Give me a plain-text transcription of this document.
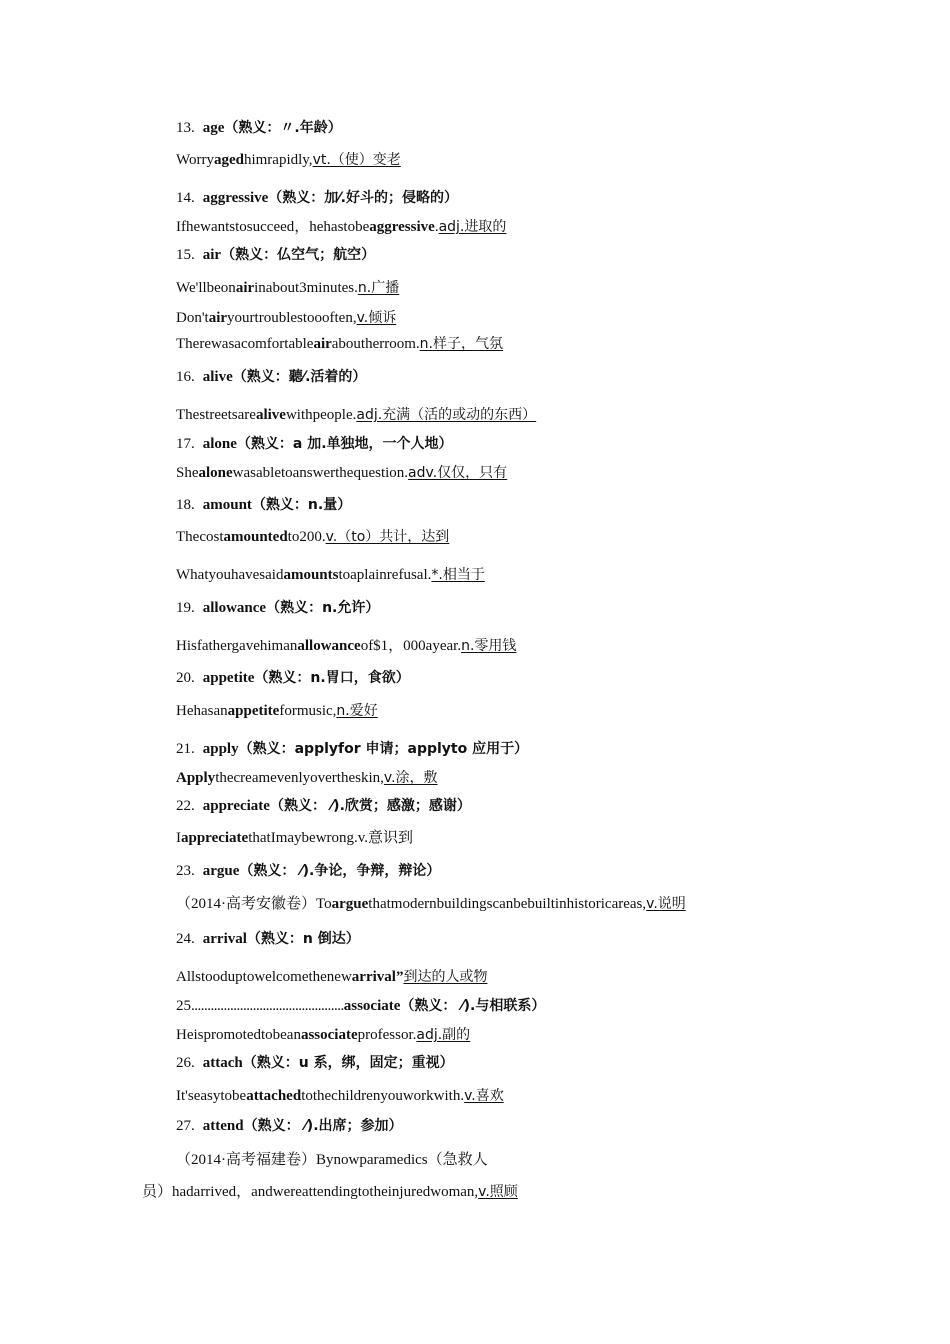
13. age（熟义：〃.年龄）
Worryagedhimrapidly,vt.（使）变老
14. aggressive（熟义：加⁄.好斗的；侵略的）
Ifhewantstosucceed，hehastobeaggressive.adj.进取的
15. air（熟义：仏空气；航空）
We'llbeonairinabout3minutes.n.广播
Don'tairyourtroublestoooften,v.倾诉
Therewasacomfortableairaboutherroom.n.样子，气氛
16. alive（熟义：聽⁄.活着的）
Thestreetsarealivewithpeople.adj.充满（活的或动的东西）
17. alone（熟义：a 加.单独地，一个人地）
Shealonewasabletoanswerthequestion.adv.仅仅，只有
18. amount（熟义：n.量）
Thecostamountedto200.v.（to）共计，达到
Whatyouhavesaidamountstoaplainrefusal.*.相当于
19. allowance（熟义：n.允许）
Hisfathergavehimanallowanceof$1，000ayear.n.零用钱
20. appetite（熟义：n.胃口，食欲）
Hehasanappetiteformusic,n.爱好
21. apply（熟义：applyfor 申请；applyto 应用于）
Applythecreamevenlyovertheskin,v.涂，敷
22. appreciate（熟义： ⁄).欣赏；感激；感谢）
IappreciatethatImaybewrong.v.意识到
23. argue（熟义： ⁄).争论，争辩，辩论）
（2014·高考安徽卷）Toarguethatmodernbuildingscanbebuiltinhistoricareas,v.说明
24. arrival（熟义：n 倒达）
Allstooduptowelcomethenewarrival”到达的人或物
25...............................................associate（熟义： ⁄).与相联系）
Heispromotedtobeanassociateprofessor.adj.副的
26. attach（熟义：u 系，绑，固定；重视）
It'seasytobeattachedtothechildrenyouworkwith.v.喜欢
27. attend（熟义： ⁄).出席；参加）
（2014·高考福建卷）Bynowparamedics（急救人
员）hadarrived，andwereattendingtotheinjuredwoman,v.照顾
